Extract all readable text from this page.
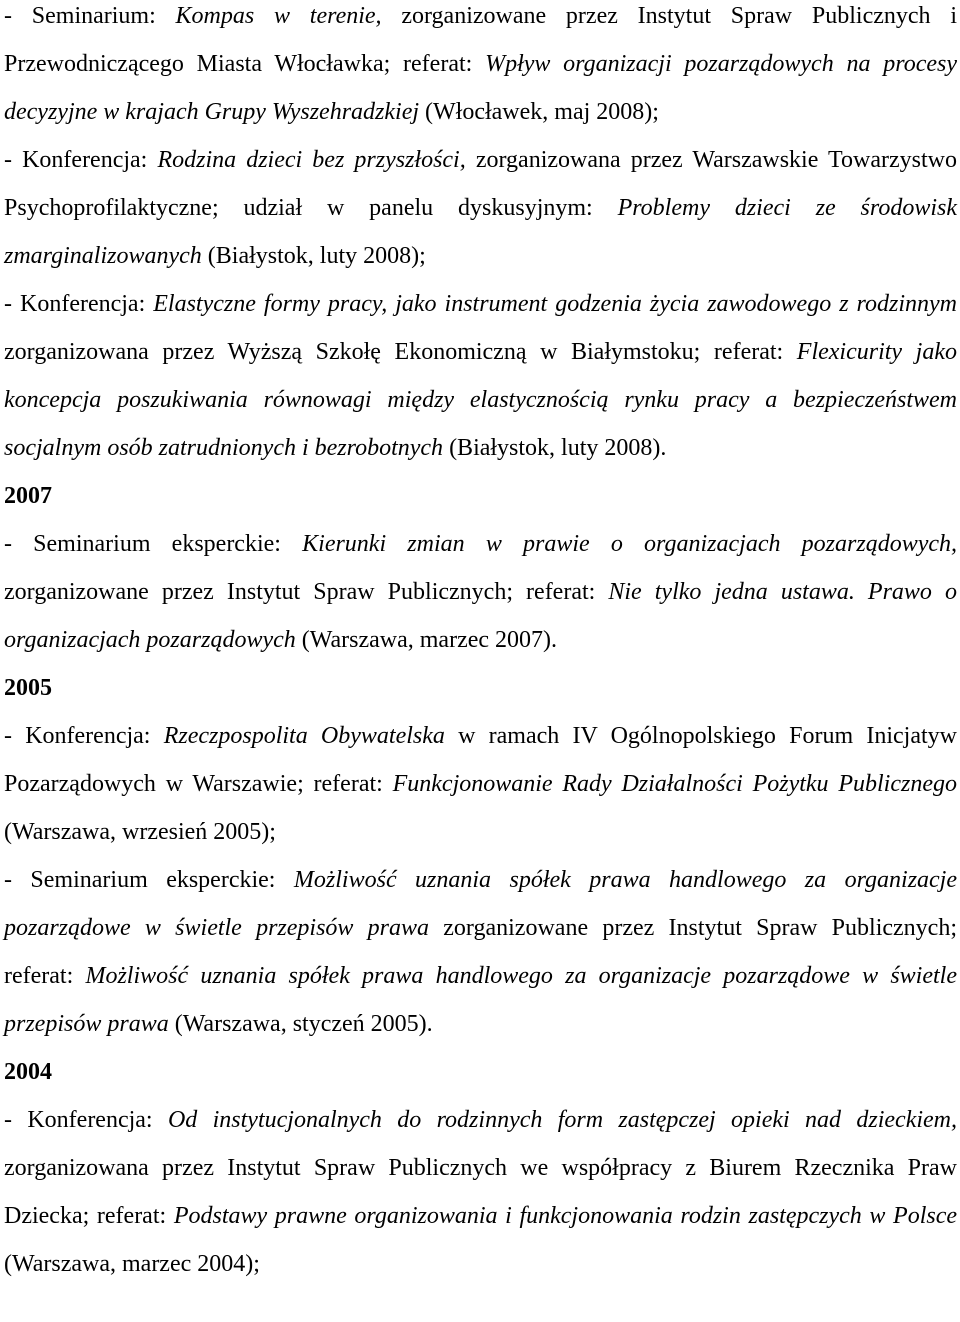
- Seminarium: Kompas w terenie, zorganizowane przez Instytut Spraw Publicznych i Przewodniczącego Miasta Włocławka; referat: Wpływ organizacji pozarządowych na procesy decyzyjne w krajach Grupy Wyszehradzkiej (Włocławek, maj 2008);

- Konferencja: Rodzina dzieci bez przyszłości, zorganizowana przez Warszawskie Towarzystwo Psychoprofilaktyczne; udział w panelu dyskusyjnym: Problemy dzieci ze środowisk zmarginalizowanych (Białystok, luty 2008);

- Konferencja: Elastyczne formy pracy, jako instrument godzenia życia zawodowego z rodzinnym zorganizowana przez Wyższą Szkołę Ekonomiczną w Białymstoku; referat: Flexicurity jako koncepcja poszukiwania równowagi między elastycznością rynku pracy a bezpieczeństwem socjalnym osób zatrudnionych i bezrobotnych (Białystok, luty 2008).

2007

- Seminarium eksperckie: Kierunki zmian w prawie o organizacjach pozarządowych, zorganizowane przez Instytut Spraw Publicznych; referat: Nie tylko jedna ustawa. Prawo o organizacjach pozarządowych (Warszawa, marzec 2007).

2005

- Konferencja: Rzeczpospolita Obywatelska w ramach IV Ogólnopolskiego Forum Inicjatyw Pozarządowych w Warszawie; referat: Funkcjonowanie Rady Działalności Pożytku Publicznego (Warszawa, wrzesień 2005);

- Seminarium eksperckie: Możliwość uznania spółek prawa handlowego za organizacje pozarządowe w świetle przepisów prawa zorganizowane przez Instytut Spraw Publicznych; referat: Możliwość uznania spółek prawa handlowego za organizacje pozarządowe w świetle przepisów prawa (Warszawa, styczeń 2005).

2004

- Konferencja: Od instytucjonalnych do rodzinnych form zastępczej opieki nad dzieckiem, zorganizowana przez Instytut Spraw Publicznych we współpracy z Biurem Rzecznika Praw Dziecka; referat: Podstawy prawne organizowania i funkcjonowania rodzin zastępczych w Polsce (Warszawa, marzec 2004);
